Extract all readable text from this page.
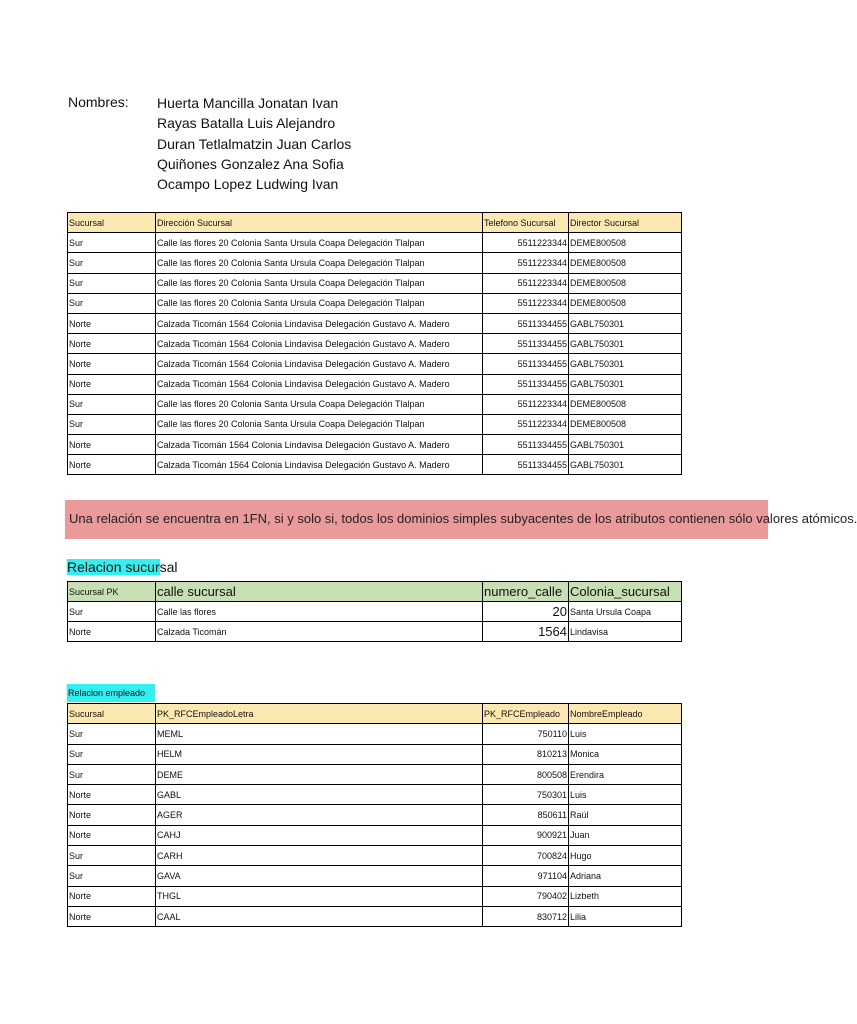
Nombres: Huerta Mancilla Jonatan Ivan
Rayas Batalla Luis Alejandro
Duran Tetlalmatzin Juan Carlos
Quiñones Gonzalez Ana Sofia
Ocampo Lopez Ludwing Ivan
Sucursal	Dirección Sucursal	Telefono Sucursal	Director Sucursal
Sur	Calle las flores 20 Colonia Santa Ursula Coapa Delegación Tlalpan	5511223344	DEME800508
Sur	Calle las flores 20 Colonia Santa Ursula Coapa Delegación Tlalpan	5511223344	DEME800508
Sur	Calle las flores 20 Colonia Santa Ursula Coapa Delegación Tlalpan	5511223344	DEME800508
Sur	Calle las flores 20 Colonia Santa Ursula Coapa Delegación Tlalpan	5511223344	DEME800508
Norte	Calzada Ticomán 1564 Colonia Lindavisa Delegación Gustavo A. Madero	5511334455	GABL750301
Norte	Calzada Ticomán 1564 Colonia Lindavisa Delegación Gustavo A. Madero	5511334455	GABL750301
Norte	Calzada Ticomán 1564 Colonia Lindavisa Delegación Gustavo A. Madero	5511334455	GABL750301
Norte	Calzada Ticomán 1564 Colonia Lindavisa Delegación Gustavo A. Madero	5511334455	GABL750301
Sur	Calle las flores 20 Colonia Santa Ursula Coapa Delegación Tlalpan	5511223344	DEME800508
Sur	Calle las flores 20 Colonia Santa Ursula Coapa Delegación Tlalpan	5511223344	DEME800508
Norte	Calzada Ticomán 1564 Colonia Lindavisa Delegación Gustavo A. Madero	5511334455	GABL750301
Norte	Calzada Ticomán 1564 Colonia Lindavisa Delegación Gustavo A. Madero	5511334455	GABL750301
Una relación se encuentra en 1FN, si y solo si, todos los dominios simples subyacentes de los atributos contienen sólo valores atómicos.
Relacion sucursal
Sucursal PK	calle sucursal	numero_calle	Colonia_sucursal
Sur	Calle las flores	20	Santa Ursula Coapa
Norte	Calzada Ticomán	1564	Lindavisa
Relacion empleado
Sucursal	PK_RFCEmpleadoLetra	PK_RFCEmpleado	NombreEmpleado
Sur	MEML	750110	Luis
Sur	HELM	810213	Monica
Sur	DEME	800508	Erendira
Norte	GABL	750301	Luis
Norte	AGER	850611	Raúl
Norte	CAHJ	900921	Juan
Sur	CARH	700824	Hugo
Sur	GAVA	971104	Adriana
Norte	THGL	790402	Lizbeth
Norte	CAAL	830712	Lilia
